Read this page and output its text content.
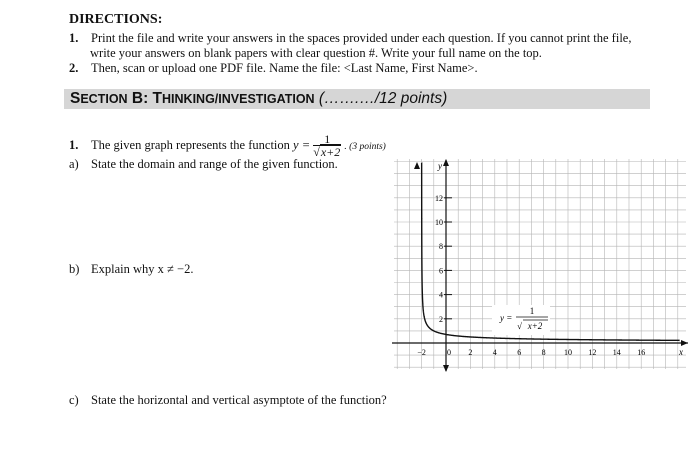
DIRECTIONS:
1. Print the file and write your answers in the spaces provided under each question. If you cannot print the file,
write your answers on blank papers with clear question #. Write your full name on the top.
2. Then, scan or upload one PDF file. Name the file: <Last Name, First Name>.
SECTION B: THINKING/INVESTIGATION (…….…/12 points)
1. The given graph represents the function $y = \frac{1}{√x+2}$ . (3 points)
a) State the domain and range of the given function.
b) Explain why x ≠ −2.
c) State the horizontal and vertical asymptote of the function?
−2	0 2	4	6	8 10 12 14 16
2
4
6
8
10
12
y
x
y =
1
√ x+2
